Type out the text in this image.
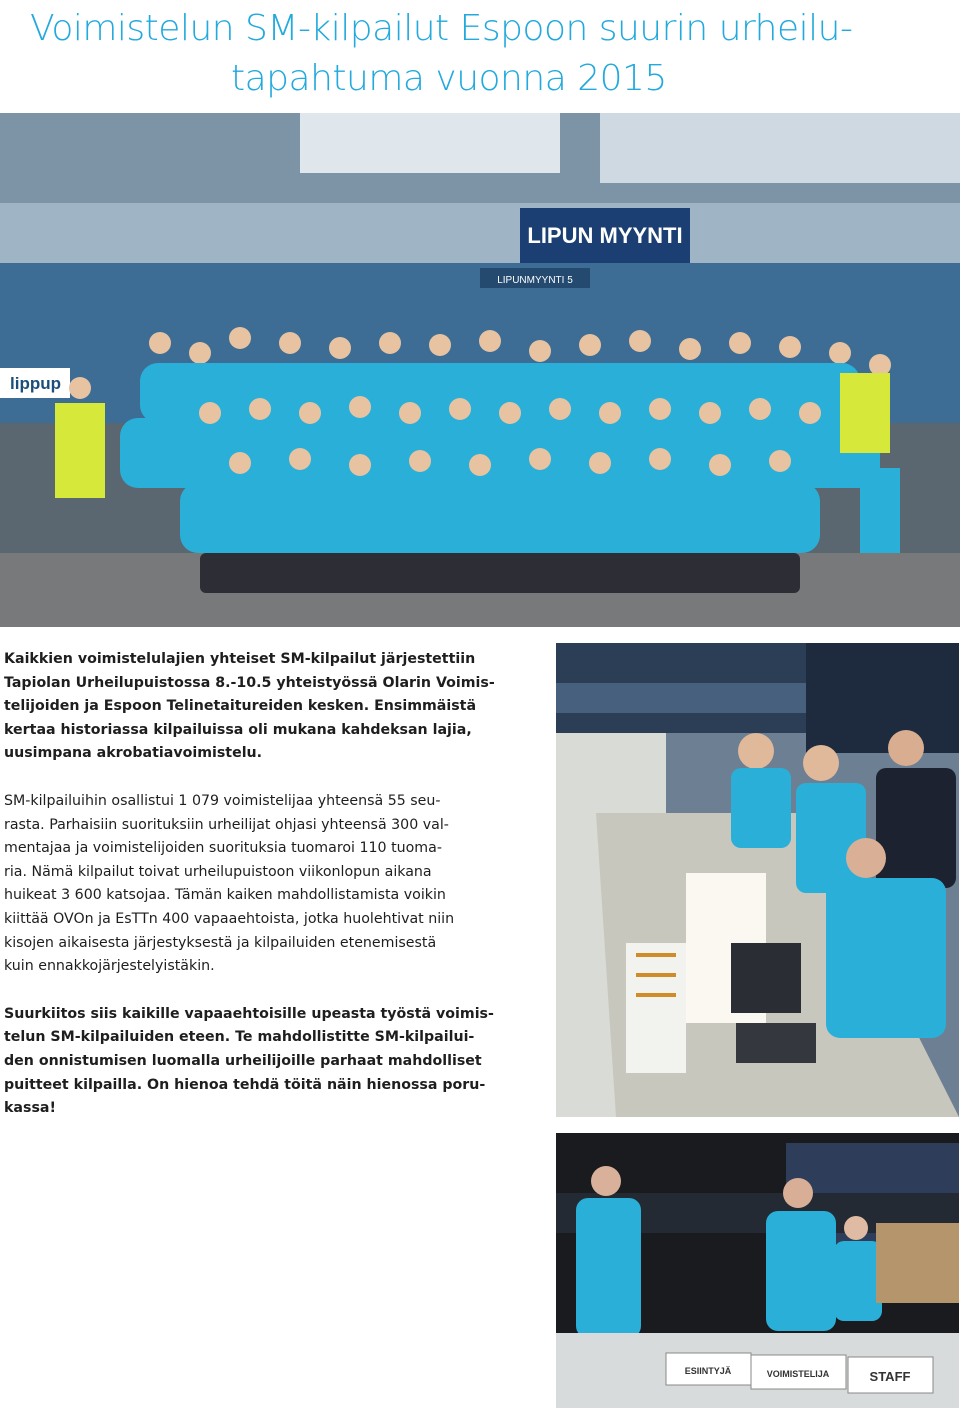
Voimistelun SM-kilpailut Espoon suurin urheilu-
tapahtuma vuonna 2015
LIPUN MYYNTI
LIPUNMYYNTI 5
lippup

Kaikkien voimistelulajien yhteiset SM-kilpailut järjestettiin
Tapiolan Urheilupuistossa 8.-10.5 yhteistyössä Olarin Voimis-
telijoiden ja Espoon Telinetaitureiden kesken. Ensimmäistä
kertaa historiassa kilpailuissa oli mukana kahdeksan lajia,
uusimpana akrobatiavoimistelu.

SM-kilpailuihin osallistui 1 079 voimistelijaa yhteensä 55 seu-
rasta. Parhaisiin suorituksiin urheilijat ohjasi yhteensä 300 val-
mentajaa ja voimistelijoiden suorituksia tuomaroi 110 tuoma-
ria. Nämä kilpailut toivat urheilupuistoon viikonlopun aikana
huikeat 3 600 katsojaa. Tämän kaiken mahdollistamista voikin
kiittää OVOn ja EsTTn 400 vapaaehtoista, jotka huolehtivat niin
kisojen aikaisesta järjestyksestä ja kilpailuiden etenemisestä
kuin ennakkojärjestelyistäkin.

Suurkiitos siis kaikille vapaaehtoisille upeasta työstä voimis-
telun SM-kilpailuiden eteen. Te mahdollistitte SM-kilpailui-
den onnistumisen luomalla urheilijoille parhaat mahdolliset
puitteet kilpailla. On hienoa tehdä töitä näin hienossa poru-
kassa!

ESIINTYJÄ	VOIMISTELIJA	STAFF
